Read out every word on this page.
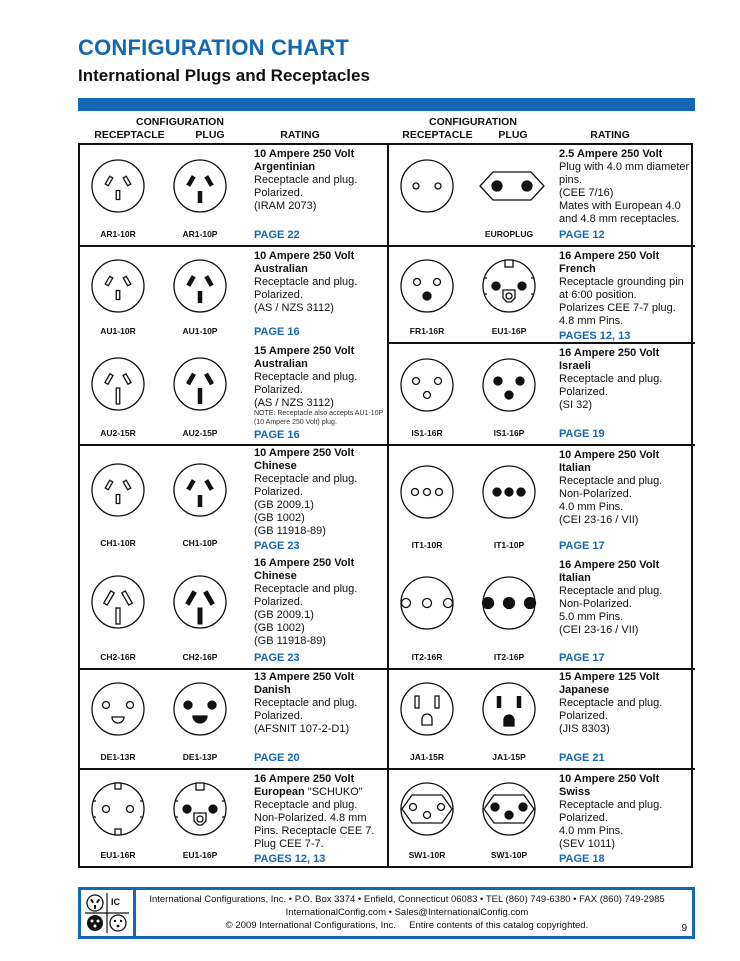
CONFIGURATION CHART
International Plugs and Receptacles
CONFIGURATION
RECEPTACLE	PLUG	RATING
CONFIGURATION
RECEPTACLE	PLUG	RATING
AR1-10R	AR1-10P
10 Ampere 250 Volt
Argentinian
Receptacle and plug.
Polarized.
(IRAM 2073)
PAGE 22
AU1-10R	AU1-10P
10 Ampere 250 Volt
Australian
Receptacle and plug.
Polarized.
(AS / NZS 3112)
PAGE 16
AU2-15R	AU2-15P
15 Ampere 250 Volt
Australian
Receptacle and plug.
Polarized.
(AS / NZS 3112)
NOTE: Receptacle also accepts AU1-10P (10 Ampere 250 Volt) plug.
PAGE 16
CH1-10R	CH1-10P
10 Ampere 250 Volt
Chinese
Receptacle and plug.
Polarized.
(GB 2009.1)
(GB 1002)
(GB 11918-89)
PAGE 23
CH2-16R	CH2-16P
16 Ampere 250 Volt
Chinese
Receptacle and plug.
Polarized.
(GB 2009.1)
(GB 1002)
(GB 11918-89)
PAGE 23
DE1-13R	DE1-13P
13 Ampere 250 Volt
Danish
Receptacle and plug.
Polarized.
(AFSNIT 107-2-D1)
PAGE 20
EU1-16R	EU1-16P
16 Ampere 250 Volt
European "SCHUKO"
Receptacle and plug.
Non-Polarized. 4.8 mm
Pins. Receptacle CEE 7.
Plug CEE 7-7.
PAGES 12, 13
EUROPLUG
2.5 Ampere 250 Volt
Plug with 4.0 mm diameter
pins.
(CEE 7/16)
Mates with European 4.0
and 4.8 mm receptacles.
PAGE 12
FR1-16R	EU1-16P
16 Ampere 250 Volt
French
Receptacle grounding pin
at 6:00 position.
Polarizes CEE 7-7 plug.
4.8 mm Pins.
PAGES 12, 13
IS1-16R	IS1-16P
16 Ampere 250 Volt
Israeli
Receptacle and plug.
Polarized.
(SI 32)
PAGE 19
IT1-10R	IT1-10P
10 Ampere 250 Volt
Italian
Receptacle and plug.
Non-Polarized.
4.0 mm Pins.
(CEI 23-16 / VII)
PAGE 17
IT2-16R	IT2-16P
16 Ampere 250 Volt
Italian
Receptacle and plug.
Non-Polarized.
5.0 mm Pins.
(CEI 23-16 / VII)
PAGE 17
JA1-15R	JA1-15P
15 Ampere 125 Volt
Japanese
Receptacle and plug.
Polarized.
(JIS 8303)
PAGE 21
SW1-10R	SW1-10P
10 Ampere 250 Volt
Swiss
Receptacle and plug.
Polarized.
4.0 mm Pins.
(SEV 1011)
PAGE 18
IC	International Configurations, Inc. • P.O. Box 3374 • Enfield, Connecticut 06083 • TEL (860) 749-6380 • FAX (860) 749-2985
InternationalConfig.com • Sales@InternationalConfig.com
© 2009 International Configurations, Inc.     Entire contents of this catalog copyrighted.	9
